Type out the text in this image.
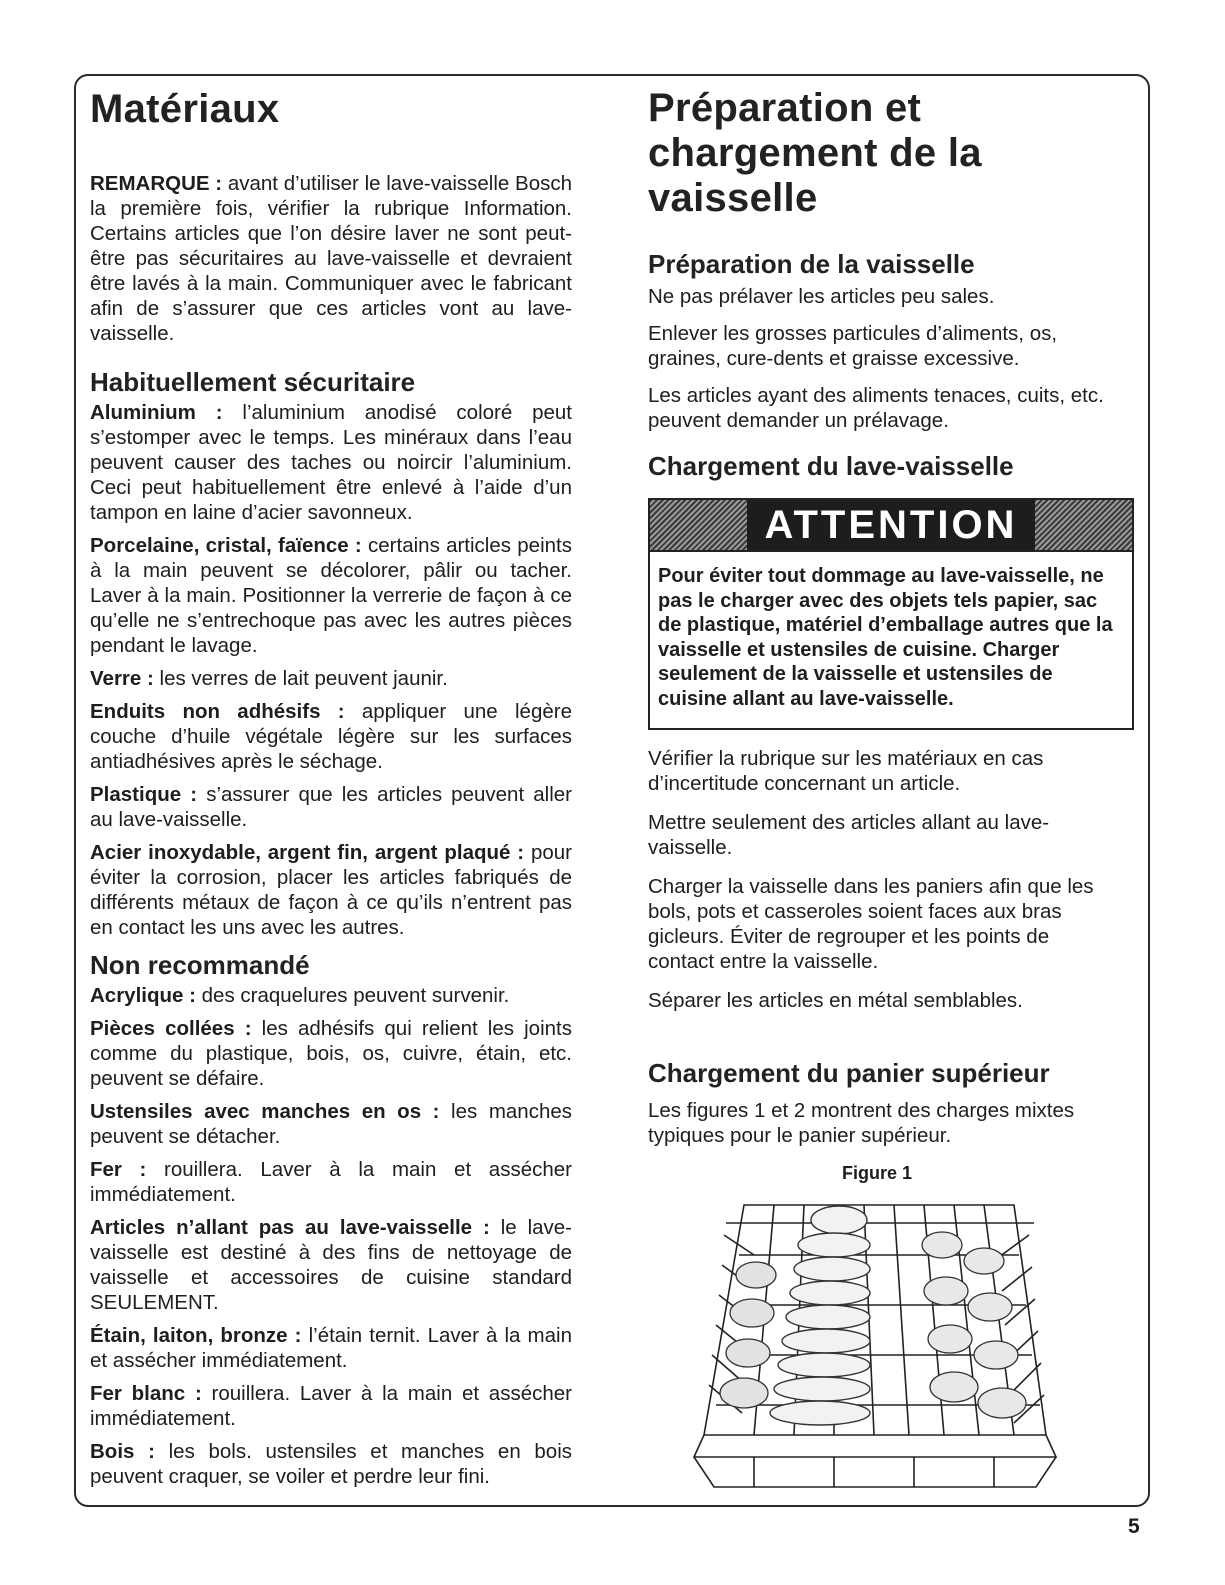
Matériaux

REMARQUE : avant d’utiliser le lave-vaisselle Bosch la première fois, vérifier la rubrique Information. Certains articles que l’on désire laver ne sont peut-être pas sécuritaires au lave-vaisselle et devraient être lavés à la main. Communiquer avec le fabricant afin de s’assurer que ces articles vont au lave-vaisselle.

Habituellement sécuritaire

Aluminium : l’aluminium anodisé coloré peut s’estomper avec le temps. Les minéraux dans l’eau peuvent causer des taches ou noircir l’aluminium. Ceci peut habituellement être enlevé à l’aide d’un tampon en laine d’acier savonneux.

Porcelaine, cristal, faïence : certains articles peints à la main peuvent se décolorer, pâlir ou tacher. Laver à la main. Positionner la verrerie de façon à ce qu’elle ne s’entrechoque pas avec les autres pièces pendant le lavage.

Verre : les verres de lait peuvent jaunir.

Enduits non adhésifs : appliquer une légère couche d’huile végétale légère sur les surfaces antiadhésives après le séchage.

Plastique : s’assurer que les articles peuvent aller au lave-vaisselle.

Acier inoxydable, argent fin, argent plaqué : pour éviter la corrosion, placer les articles fabriqués de différents métaux de façon à ce qu’ils n’entrent pas en contact les uns avec les autres.

Non recommandé

Acrylique : des craquelures peuvent survenir.

Pièces collées : les adhésifs qui relient les joints comme du plastique, bois, os, cuivre, étain, etc. peuvent se défaire.

Ustensiles avec manches en os : les manches peuvent se détacher.

Fer : rouillera. Laver à la main et assécher immédiatement.

Articles n’allant pas au lave-vaisselle : le lave-vaisselle est destiné à des fins de nettoyage de vaisselle et accessoires de cuisine standard SEULEMENT.

Étain, laiton, bronze : l’étain ternit. Laver à la main et assécher immédiatement.

Fer blanc : rouillera. Laver à la main et assécher immédiatement.

Bois : les bols. ustensiles et manches en bois peuvent craquer, se voiler et perdre leur fini.

Préparation et chargement de la vaisselle
Préparation de la vaisselle

Ne pas prélaver les articles peu sales.

Enlever les grosses particules d’aliments, os, graines, cure-dents et graisse excessive.

Les articles ayant des aliments tenaces, cuits, etc. peuvent demander un prélavage.

Chargement du lave-vaisselle
ATTENTION
Pour éviter tout dommage au lave-vaisselle, ne pas le charger avec des objets tels papier, sac de plastique, matériel d’emballage autres que la vaisselle et ustensiles de cuisine. Charger seulement de la vaisselle et ustensiles de cuisine allant au lave-vaisselle.

Vérifier la rubrique sur les matériaux en cas d’incertitude concernant un article.

Mettre seulement des articles allant au lave-vaisselle.

Charger la vaisselle dans les paniers afin que les bols, pots et casseroles soient faces aux bras gicleurs. Éviter de regrouper et les points de contact entre la vaisselle.

Séparer les articles en métal semblables.

Chargement du panier supérieur

Les figures 1 et 2 montrent des charges mixtes typiques pour le panier supérieur.

Figure 1
5
